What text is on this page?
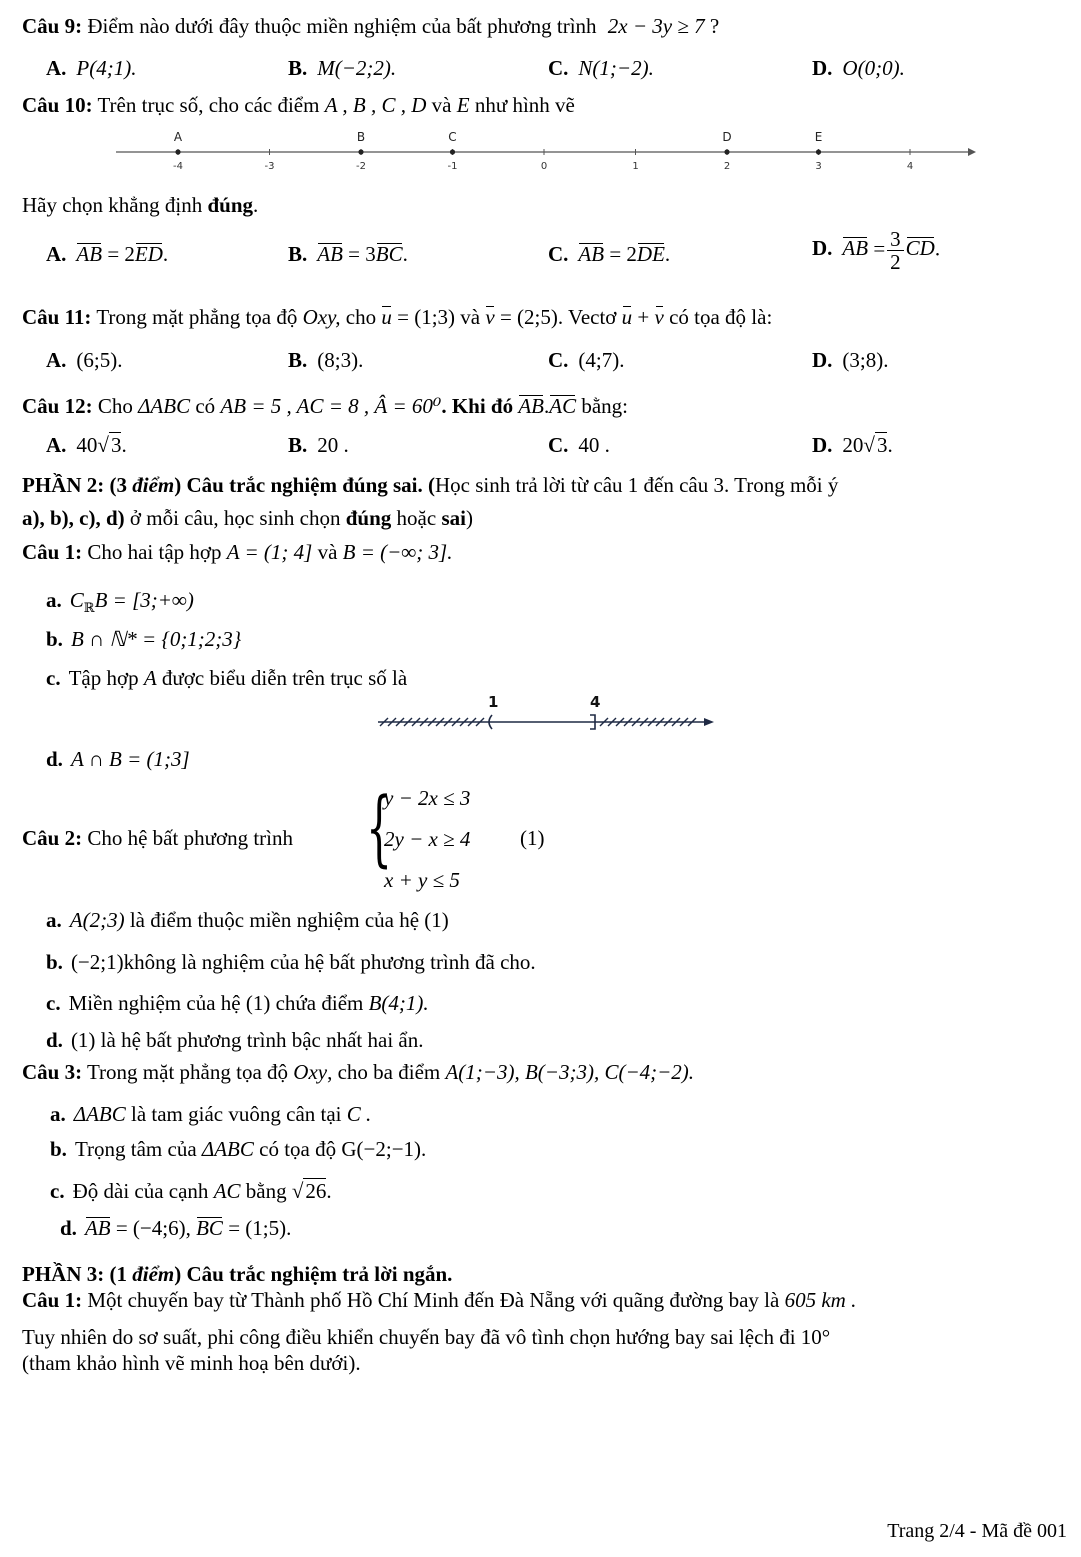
Câu 9: Điểm nào dưới đây thuộc miền nghiệm của bất phương trình 2x − 3y ≥ 7 ?
A. P(4;1).	B. M(−2;2).	C. N(1;−2).	D. O(0;0).
Câu 10: Trên trục số, cho các điểm A , B , C , D và E như hình vẽ
-4	-3	-2	-1	0	1	2	3	4
A	B	C	D	E
Hãy chọn khẳng định đúng.
A. AB = 2ED.	B. AB = 3BC.	C. AB = 2DE.	D. AB = $\frac{3}{2}$ CD.
Câu 11: Trong mặt phẳng tọa độ Oxy, cho u = (1;3) và v = (2;5). Vectơ u + v có tọa độ là:
A. (6;5).	B. (8;3).	C. (4;7).	D. (3;8).
Câu 12: Cho ΔABC có AB = 5 , AC = 8 , Â = 60⁰. Khi đó AB.AC bằng:
A. 40√3.	B. 20 .	C. 40 .	D. 20√3.
PHẦN 2: (3 điểm) Câu trắc nghiệm đúng sai. (Học sinh trả lời từ câu 1 đến câu 3. Trong mỗi ý
a), b), c), d) ở mỗi câu, học sinh chọn đúng hoặc sai)
Câu 1: Cho hai tập hợp A = (1; 4] và B = (−∞; 3].
a. $C_ℝB$ = [3;+∞)
b. B ∩ ℕ* = {0;1;2;3}
c. Tập hợp A được biểu diễn trên trục số là
1	4
d. A ∩ B = (1;3]
Câu 2: Cho hệ bất phương trình {
y − 2x ≤ 3
2y − x ≥ 4
x + y ≤ 5
(1)
a. A(2;3) là điểm thuộc miền nghiệm của hệ (1)
b. (−2;1)không là nghiệm của hệ bất phương trình đã cho.
c. Miền nghiệm của hệ (1) chứa điểm B(4;1).
d. (1) là hệ bất phương trình bậc nhất hai ẩn.
Câu 3: Trong mặt phẳng tọa độ Oxy, cho ba điểm A(1;−3), B(−3;3), C(−4;−2).
a. ΔABC là tam giác vuông cân tại C .
b. Trọng tâm của ΔABC có tọa độ G(−2;−1).
c. Độ dài của cạnh AC bằng √26.
d. AB = (−4;6), BC = (1;5).
PHẦN 3: (1 điểm) Câu trắc nghiệm trả lời ngắn.
Câu 1: Một chuyến bay từ Thành phố Hồ Chí Minh đến Đà Nẵng với quãng đường bay là 605 km .
Tuy nhiên do sơ suất, phi công điều khiển chuyến bay đã vô tình chọn hướng bay sai lệch đi 10°
(tham khảo hình vẽ minh hoạ bên dưới).
Trang 2/4 - Mã đề 001
